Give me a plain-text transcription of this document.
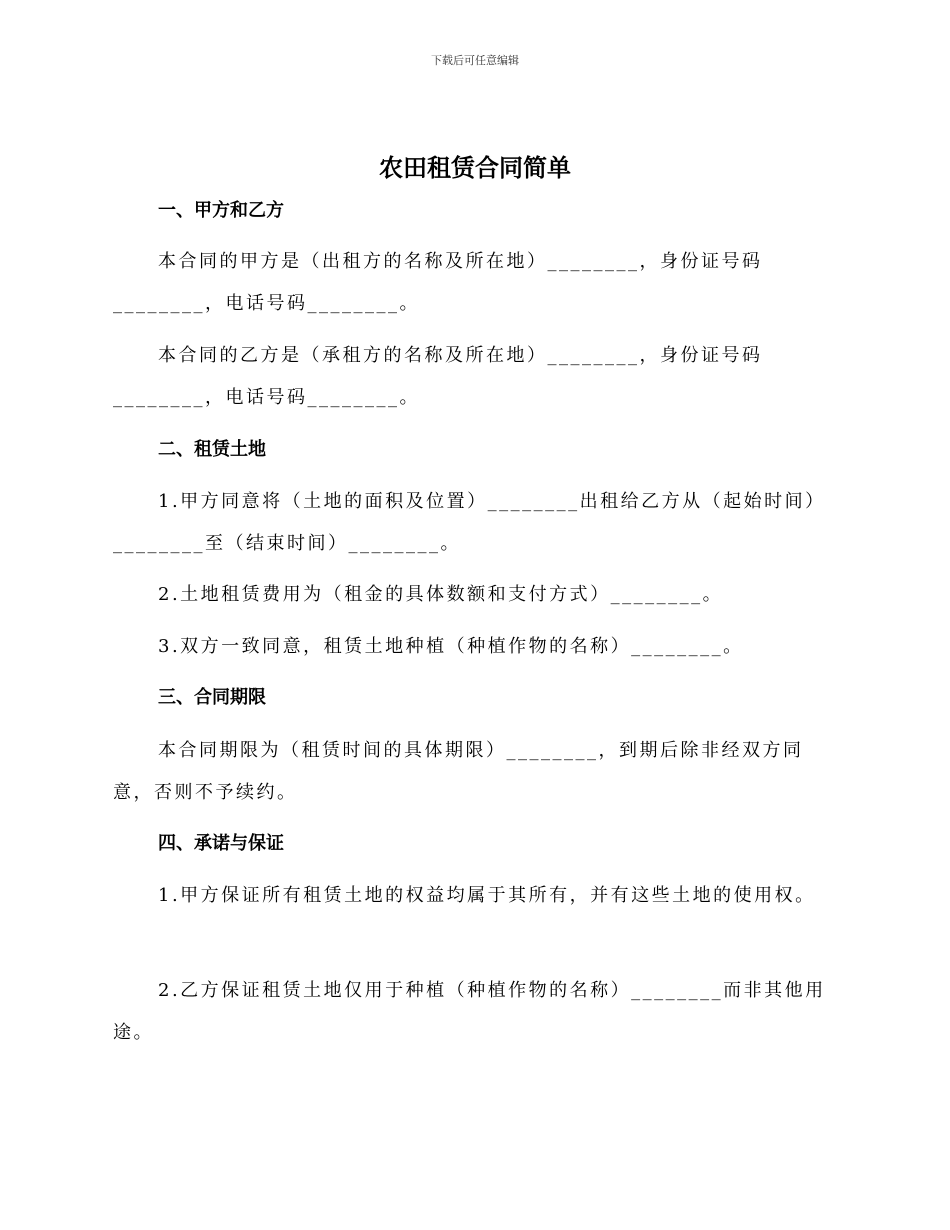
下载后可任意编辑
农田租赁合同简单
一、甲方和乙方

本合同的甲方是（出租方的名称及所在地）________，身份证号码________，电话号码________。

本合同的乙方是（承租方的名称及所在地）________，身份证号码________，电话号码________。

二、租赁土地

1.甲方同意将（土地的面积及位置）________出租给乙方从（起始时间）________至（结束时间）________。

2.土地租赁费用为（租金的具体数额和支付方式）________。

3.双方一致同意，租赁土地种植（种植作物的名称）________。

三、合同期限

本合同期限为（租赁时间的具体期限）________，到期后除非经双方同意，否则不予续约。

四、承诺与保证

1.甲方保证所有租赁土地的权益均属于其所有，并有这些土地的使用权。

2.乙方保证租赁土地仅用于种植（种植作物的名称）________而非其他用途。
